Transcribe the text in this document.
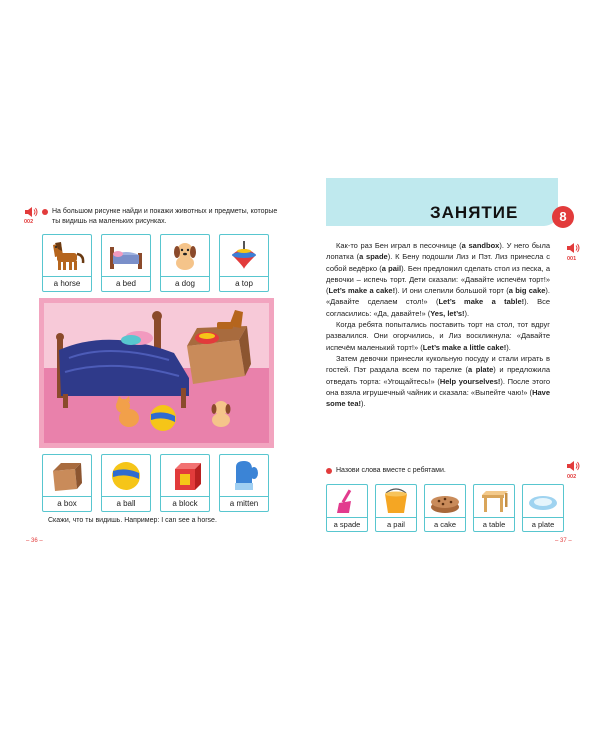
002
На большом рисунке найди и покажи животных и предметы, которые ты видишь на маленьких рисунках.
a horse	a bed	a dog	a top
a box	a ball	a block	a mitten
Скажи, что ты видишь. Например: I can see a horse.
– 36 –
ЗАНЯТИЕ	8
001

Как-то раз Бен играл в песочнице (a sandbox). У него была лопатка (a spade). К Бену подошли Лиз и Пэт. Лиз принесла с собой ведёрко (a pail). Бен предложил сделать стол из песка, а девочки – испечь торт. Дети сказали: «Давайте испечём торт!» (Let’s make a cake!). И они слепили большой торт (a big cake). «Давайте сделаем стол!» (Let’s make a table!). Все согласились: «Да, давайте!» (Yes, let’s!).

Когда ребята попытались поставить торт на стол, тот вдруг развалился. Они огорчились, и Лиз воскликнула: «Давайте испечём маленький торт!» (Let’s make a little cake!).

Затем девочки принесли кукольную посуду и стали играть в гостей. Пэт раздала всем по тарелке (a plate) и предложила отведать торта: «Угощайтесь!» (Help yourselves!). После этого она взяла игрушечный чайник и сказала: «Выпейте чаю!» (Have some tea!).

002
Назови слова вместе с ребятами.
a spade	a pail	a cake	a table	a plate
– 37 –
